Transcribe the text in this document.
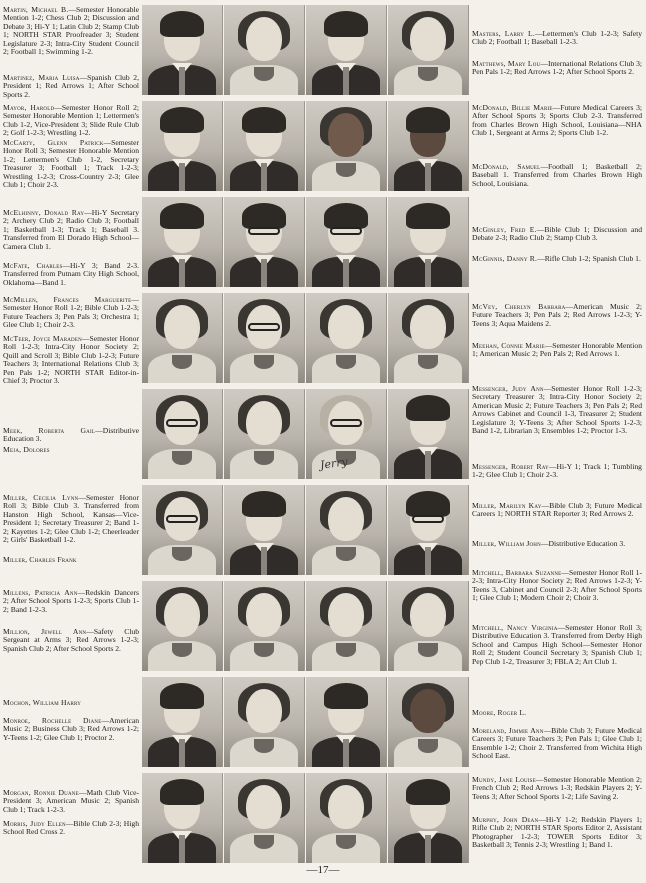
Martin, Michael B.—Semester Honorable Mention 1-2; Chess Club 2; Discussion and Debate 3; Hi-Y 1; Latin Club 2; Stamp Club 1; NORTH STAR Proofreader 3; Student Legislature 2-3; Intra-City Student Council 2; Football 1; Swimming 1-2.
Martinez, Maria Luisa—Spanish Club 2, President 1; Red Arrows 1; After School Sports 2.
Mayor, Harold—Semester Honor Roll 2; Semester Honorable Mention 1; Lettermen's Club 1-2, Vice-President 3; Slide Rule Club 2; Golf 1-2-3; Wrestling 1-2.
McCarty, Glenn Patrick—Semester Honor Roll 3; Semester Honorable Mention 1-2; Lettermen's Club 1-2, Secretary Treasurer 3; Football 1; Track 1-2-3; Wrestling 1-2-3; Cross-Country 2-3; Glee Club 1; Choir 2-3.
McElhinny, Donald Ray—Hi-Y Secretary 2; Archery Club 2; Radio Club 3; Football 1; Basketball 1-3; Track 1; Baseball 3. Transferred from El Dorado High School—Camera Club 1.
McFate, Charles—Hi-Y 3; Band 2-3. Transferred from Putnam City High School, Oklahoma—Band 1.
McMillen, Frances Marguerite—Semester Honor Roll 1-2; Bible Club 1-2-3; Future Teachers 3; Pen Pals 3; Orchestra 1; Glee Club 1; Choir 2-3.
McTeer, Joyce Maraden—Semester Honor Roll 1-2-3; Intra-City Honor Society 2; Quill and Scroll 3; Bible Club 1-2-3; Future Teachers 3; International Relations Club 3; Pen Pals 1-2; NORTH STAR Editor-in-Chief 3; Proctor 3.
Meek, Roberta Gail—Distributive Education 3.
Meja, Dolores
Miller, Cecilia Lynn—Semester Honor Roll 3; Bible Club 3. Transferred from Hanston High School, Kansas—Vice-President 1; Secretary Treasurer 2; Band 1-2; Kayettes 1-2; Glee Club 1-2; Cheerleader 2; Girls' Basketball 1-2.
Miller, Charles Frank
Millens, Patricia Ann—Redskin Dancers 2; After School Sports 1-2-3; Sports Club 1-2; Band 1-2-3.
Million, Jewell Ann—Safety Club Sergeant at Arms 3; Red Arrows 1-2-3; Spanish Club 2; After School Sports 2.
Mochon, William Harry
Monroe, Rochelle Diane—American Music 2; Business Club 3; Red Arrows 1-2; Y-Teens 1-2; Glee Club 1; Proctor 2.
Morgan, Ronnie Duane—Math Club Vice-President 3; American Music 2; Spanish Club 1; Track 1-2-3.
Morris, Judy Ellen—Bible Club 2-3; High School Red Cross 2.
Jerry
Masters, Larry L.—Lettermen's Club 1-2-3; Safety Club 2; Football 1; Baseball 1-2-3.
Matthews, Mary Lou—International Relations Club 3; Pen Pals 1-2; Red Arrows 1-2; After School Sports 2.
McDonald, Billie Marie—Future Medical Careers 3; After School Sports 3; Sports Club 2-3. Transferred from Charles Brown High School, Louisiana—NHA Club 1, Sergeant at Arms 2; Sports Club 1-2.
McDonald, Samuel—Football 1; Basketball 2; Baseball 1. Transferred from Charles Brown High School, Louisiana.
McGinley, Fred E.—Bible Club 1; Discussion and Debate 2-3; Radio Club 2; Stamp Club 3.
McGinnis, Danny R.—Rifle Club 1-2; Spanish Club 1.
McVey, Cherlyn Barbara—American Music 2; Future Teachers 3; Pen Pals 2; Red Arrows 1-2-3; Y-Teens 3; Aqua Maidens 2.
Meehan, Connie Marie—Semester Honorable Mention 1; American Music 2; Pen Pals 2; Red Arrows 1.
Messenger, Judy Ann—Semester Honor Roll 1-2-3; Secretary Treasurer 3; Intra-City Honor Society 2; American Music 2; Future Teachers 3; Pen Pals 2; Red Arrows Cabinet and Council 1-3, Treasurer 2; Student Legislature 3; Y-Teens 3; After School Sports 1-2-3; Band 1-2, Librarian 3; Ensembles 1-2; Proctor 1-3.
Messenger, Robert Ray—Hi-Y 1; Track 1; Tumbling 1-2; Glee Club 1; Choir 2-3.
Miller, Marilyn Kay—Bible Club 3; Future Medical Careers 1; NORTH STAR Reporter 3; Red Arrows 2.
Miller, William John—Distributive Education 3.
Mitchell, Barbara Suzanne—Semester Honor Roll 1-2-3; Intra-City Honor Society 2; Red Arrows 1-2-3; Y-Teens 3, Cabinet and Council 2-3; After School Sports 1; Glee Club 1; Modern Choir 2; Choir 3.
Mitchell, Nancy Virginia—Semester Honor Roll 3; Distributive Education 3. Transferred from Derby High School and Campus High School—Semester Honor Roll 2; Student Council Secretary 3; Spanish Club 1; Pep Club 1-2, Treasurer 3; FBLA 2; Art Club 1.
Moore, Roger L.
Moreland, Jimmie Ann—Bible Club 3; Future Medical Careers 3; Future Teachers 3; Pen Pals 1; Glee Club 1; Ensemble 1-2; Choir 2. Transferred from Wichita High School East.
Mundy, Jane Louise—Semester Honorable Mention 2; French Club 2; Red Arrows 1-3; Redskin Players 2; Y-Teens 3; After School Sports 1-2; Life Saving 2.
Murphy, John Dean—Hi-Y 1-2; Redskin Players 1; Rifle Club 2; NORTH STAR Sports Editor 2, Assistant Photographer 1-2-3; TOWER Sports Editor 3; Basketball 3; Tennis 2-3; Wrestling 1; Band 1.
—17—
